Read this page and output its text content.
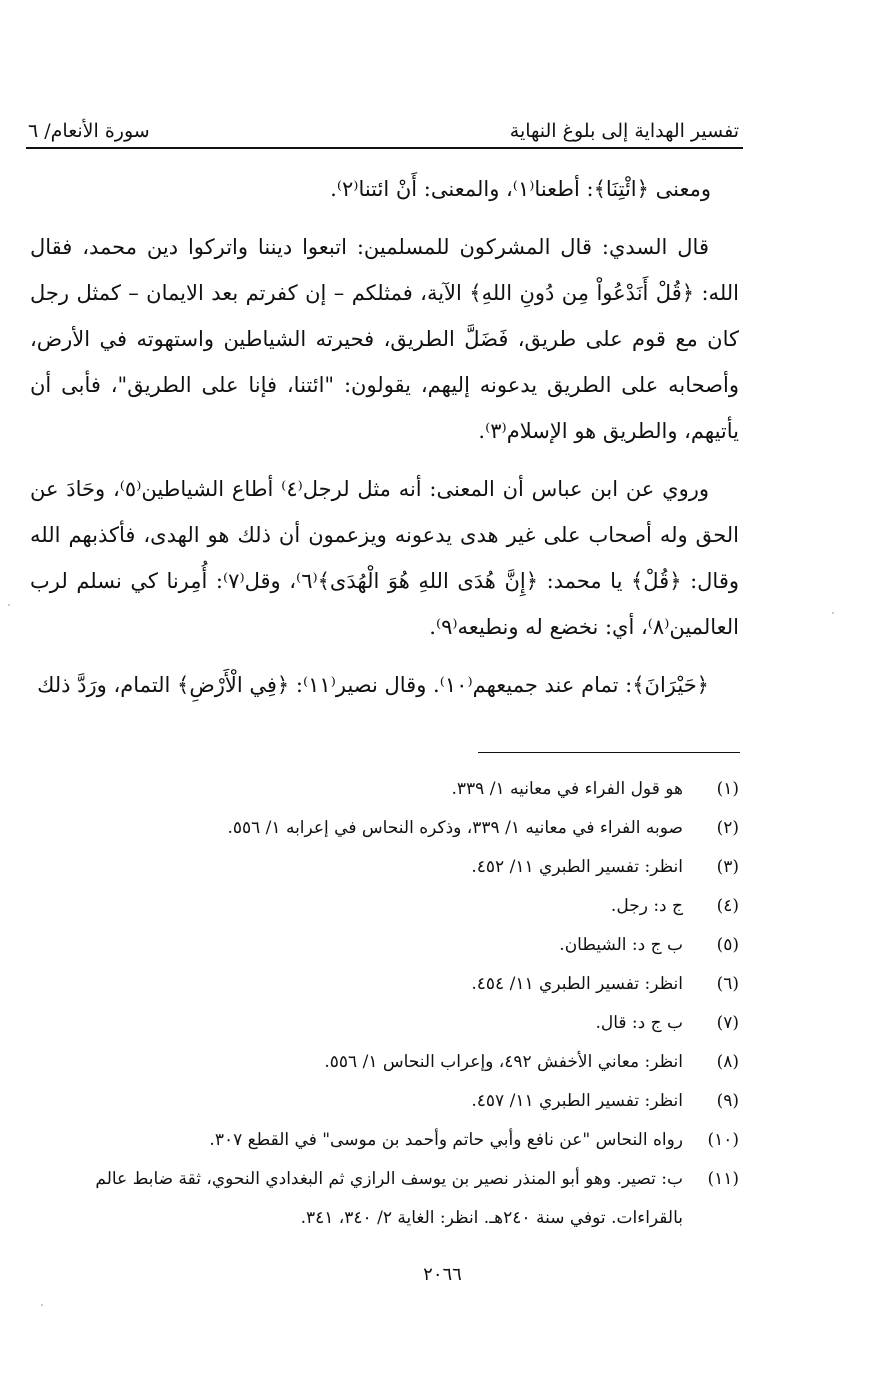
تفسير الهداية إلى بلوغ النهاية
سورة الأنعام/ ٦

ومعنى ﴿ائْتِنَا﴾: أطعنا⁽١⁾، والمعنى: أَنْ ائتنا⁽٢⁾.

قال السدي: قال المشركون للمسلمين: اتبعوا ديننا واتركوا دين محمد، فقال الله: ﴿قُلْ أَنَدْعُواْ مِن دُونِ اللهِ﴾ الآية، فمثلكم – إن كفرتم بعد الايمان – كمثل رجل كان مع قوم على طريق، فَضَلَّ الطريق، فحيرته الشياطين واستهوته في الأرض، وأصحابه على الطريق يدعونه إليهم، يقولون: "ائتنا، فإنا على الطريق"، فأبى أن يأتيهم، والطريق هو الإسلام⁽٣⁾.

وروي عن ابن عباس أن المعنى: أنه مثل لرجل⁽٤⁾ أطاع الشياطين⁽٥⁾، وحَادَ عن الحق وله أصحاب على غير هدى يدعونه ويزعمون أن ذلك هو الهدى، فأكذبهم الله وقال: ﴿قُلْ﴾ يا محمد: ﴿إِنَّ هُدَى اللهِ هُوَ الْهُدَى﴾⁽٦⁾، وقل⁽٧⁾: أُمِرنا كي نسلم لرب العالمين⁽٨⁾، أي: نخضع له ونطيعه⁽٩⁾.

﴿حَيْرَانَ﴾: تمام عند جميعهم⁽١٠⁾. وقال نصير⁽١١⁾: ﴿فِي الْأَرْضِ﴾ التمام، ورَدَّ ذلك

(١)
هو قول الفراء في معانيه ١/ ٣٣٩.
(٢)
صوبه الفراء في معانيه ١/ ٣٣٩، وذكره النحاس في إعرابه ١/ ٥٥٦.
(٣)
انظر: تفسير الطبري ١١/ ٤٥٢.
(٤)
ج د: رجل.
(٥)
ب ج د: الشيطان.
(٦)
انظر: تفسير الطبري ١١/ ٤٥٤.
(٧)
ب ج د: قال.
(٨)
انظر: معاني الأخفش ٤٩٢، وإعراب النحاس ١/ ٥٥٦.
(٩)
انظر: تفسير الطبري ١١/ ٤٥٧.
(١٠)
رواه النحاس "عن نافع وأبي حاتم وأحمد بن موسى" في القطع ٣٠٧.
(١١)
ب: تصير. وهو أبو المنذر نصير بن يوسف الرازي ثم البغدادي النحوي، ثقة ضابط عالم بالقراءات. توفي سنة ٢٤٠هـ. انظر: الغاية ٢/ ٣٤٠، ٣٤١.
٢٠٦٦
